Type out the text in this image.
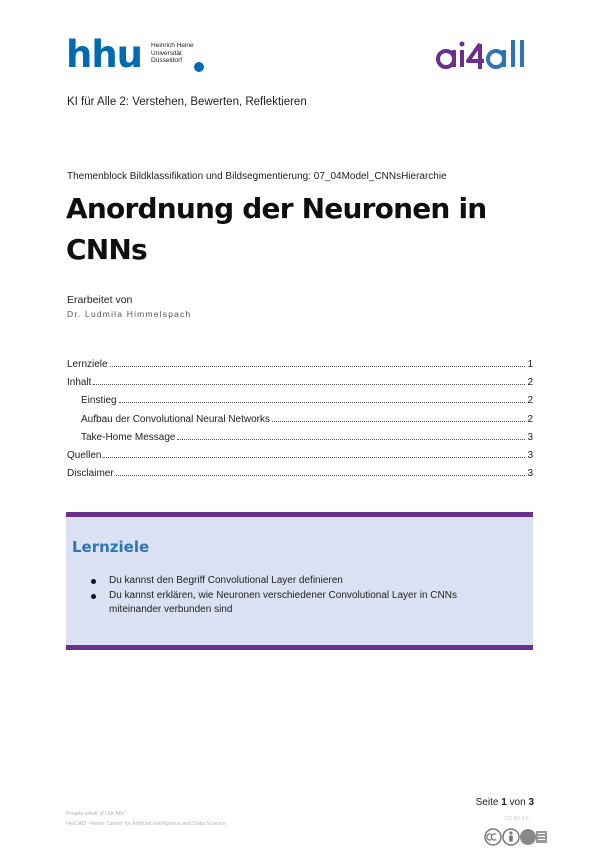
hhu Heinrich Heine
Universität
Düsseldorf
KI für Alle 2: Verstehen, Bewerten, Reflektieren
Themenblock Bildklassifikation und Bildsegmentierung: 07_04Model_CNNsHierarchie
Anordnung der Neuronen in
CNNs
Erarbeitet von
Dr. Ludmila Himmelspach
Lernziele	1
Inhalt	2
Einstieg	2
Aufbau der Convolutional Neural Networks	2
Take-Home Message	3
Quellen	3
Disclaimer	3
Lernziele
Du kannst den Begriff Convolutional Layer definieren
Du kannst erklären, wie Neuronen verschiedener Convolutional Layer in CNNs miteinander verbunden sind
Seite 1 von 3
Projekt ai4all „KI für Alle“
HeiCAD –Heine Center for Artificial Intelligence and Data Science
CC BY 4.0
